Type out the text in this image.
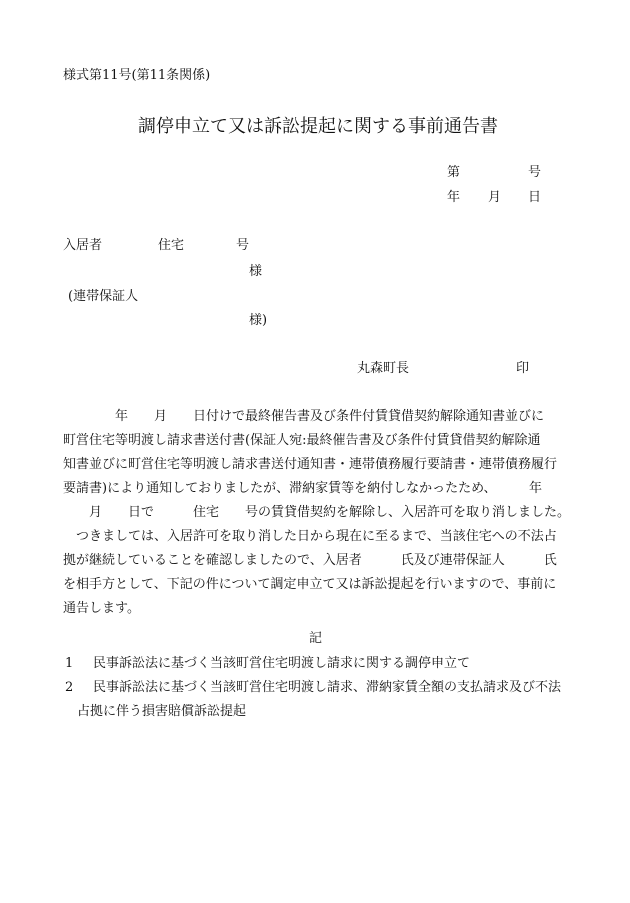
様式第11号(第11条関係)
調停申立て又は訴訟提起に関する事前通告書
第	号
年 月 日
入居者	住宅	号
様
(連帯保証人
様)
丸森町長	印

　　　　年　　月　　日付けで最終催告書及び条件付賃貸借契約解除通知書並びに

町営住宅等明渡し請求書送付書(保証人宛:最終催告書及び条件付賃貸借契約解除通

知書並びに町営住宅等明渡し請求書送付通知書・連帯債務履行要請書・連帯債務履行

要請書)により通知しておりましたが、滞納家賃等を納付しなかったため、　　　年

　　月　　日で　　　住宅　　号の賃貸借契約を解除し、入居許可を取り消しました。

　つきましては、入居許可を取り消した日から現在に至るまで、当該住宅への不法占

拠が継続していることを確認しましたので、入居者　　　氏及び連帯保証人　　　氏

を相手方として、下記の件について調定申立て又は訴訟提起を行いますので、事前に

通告します。

記
1 民事訴訟法に基づく当該町営住宅明渡し請求に関する調停申立て
2 民事訴訟法に基づく当該町営住宅明渡し請求、滞納家賃全額の支払請求及び不法
占拠に伴う損害賠償訴訟提起
